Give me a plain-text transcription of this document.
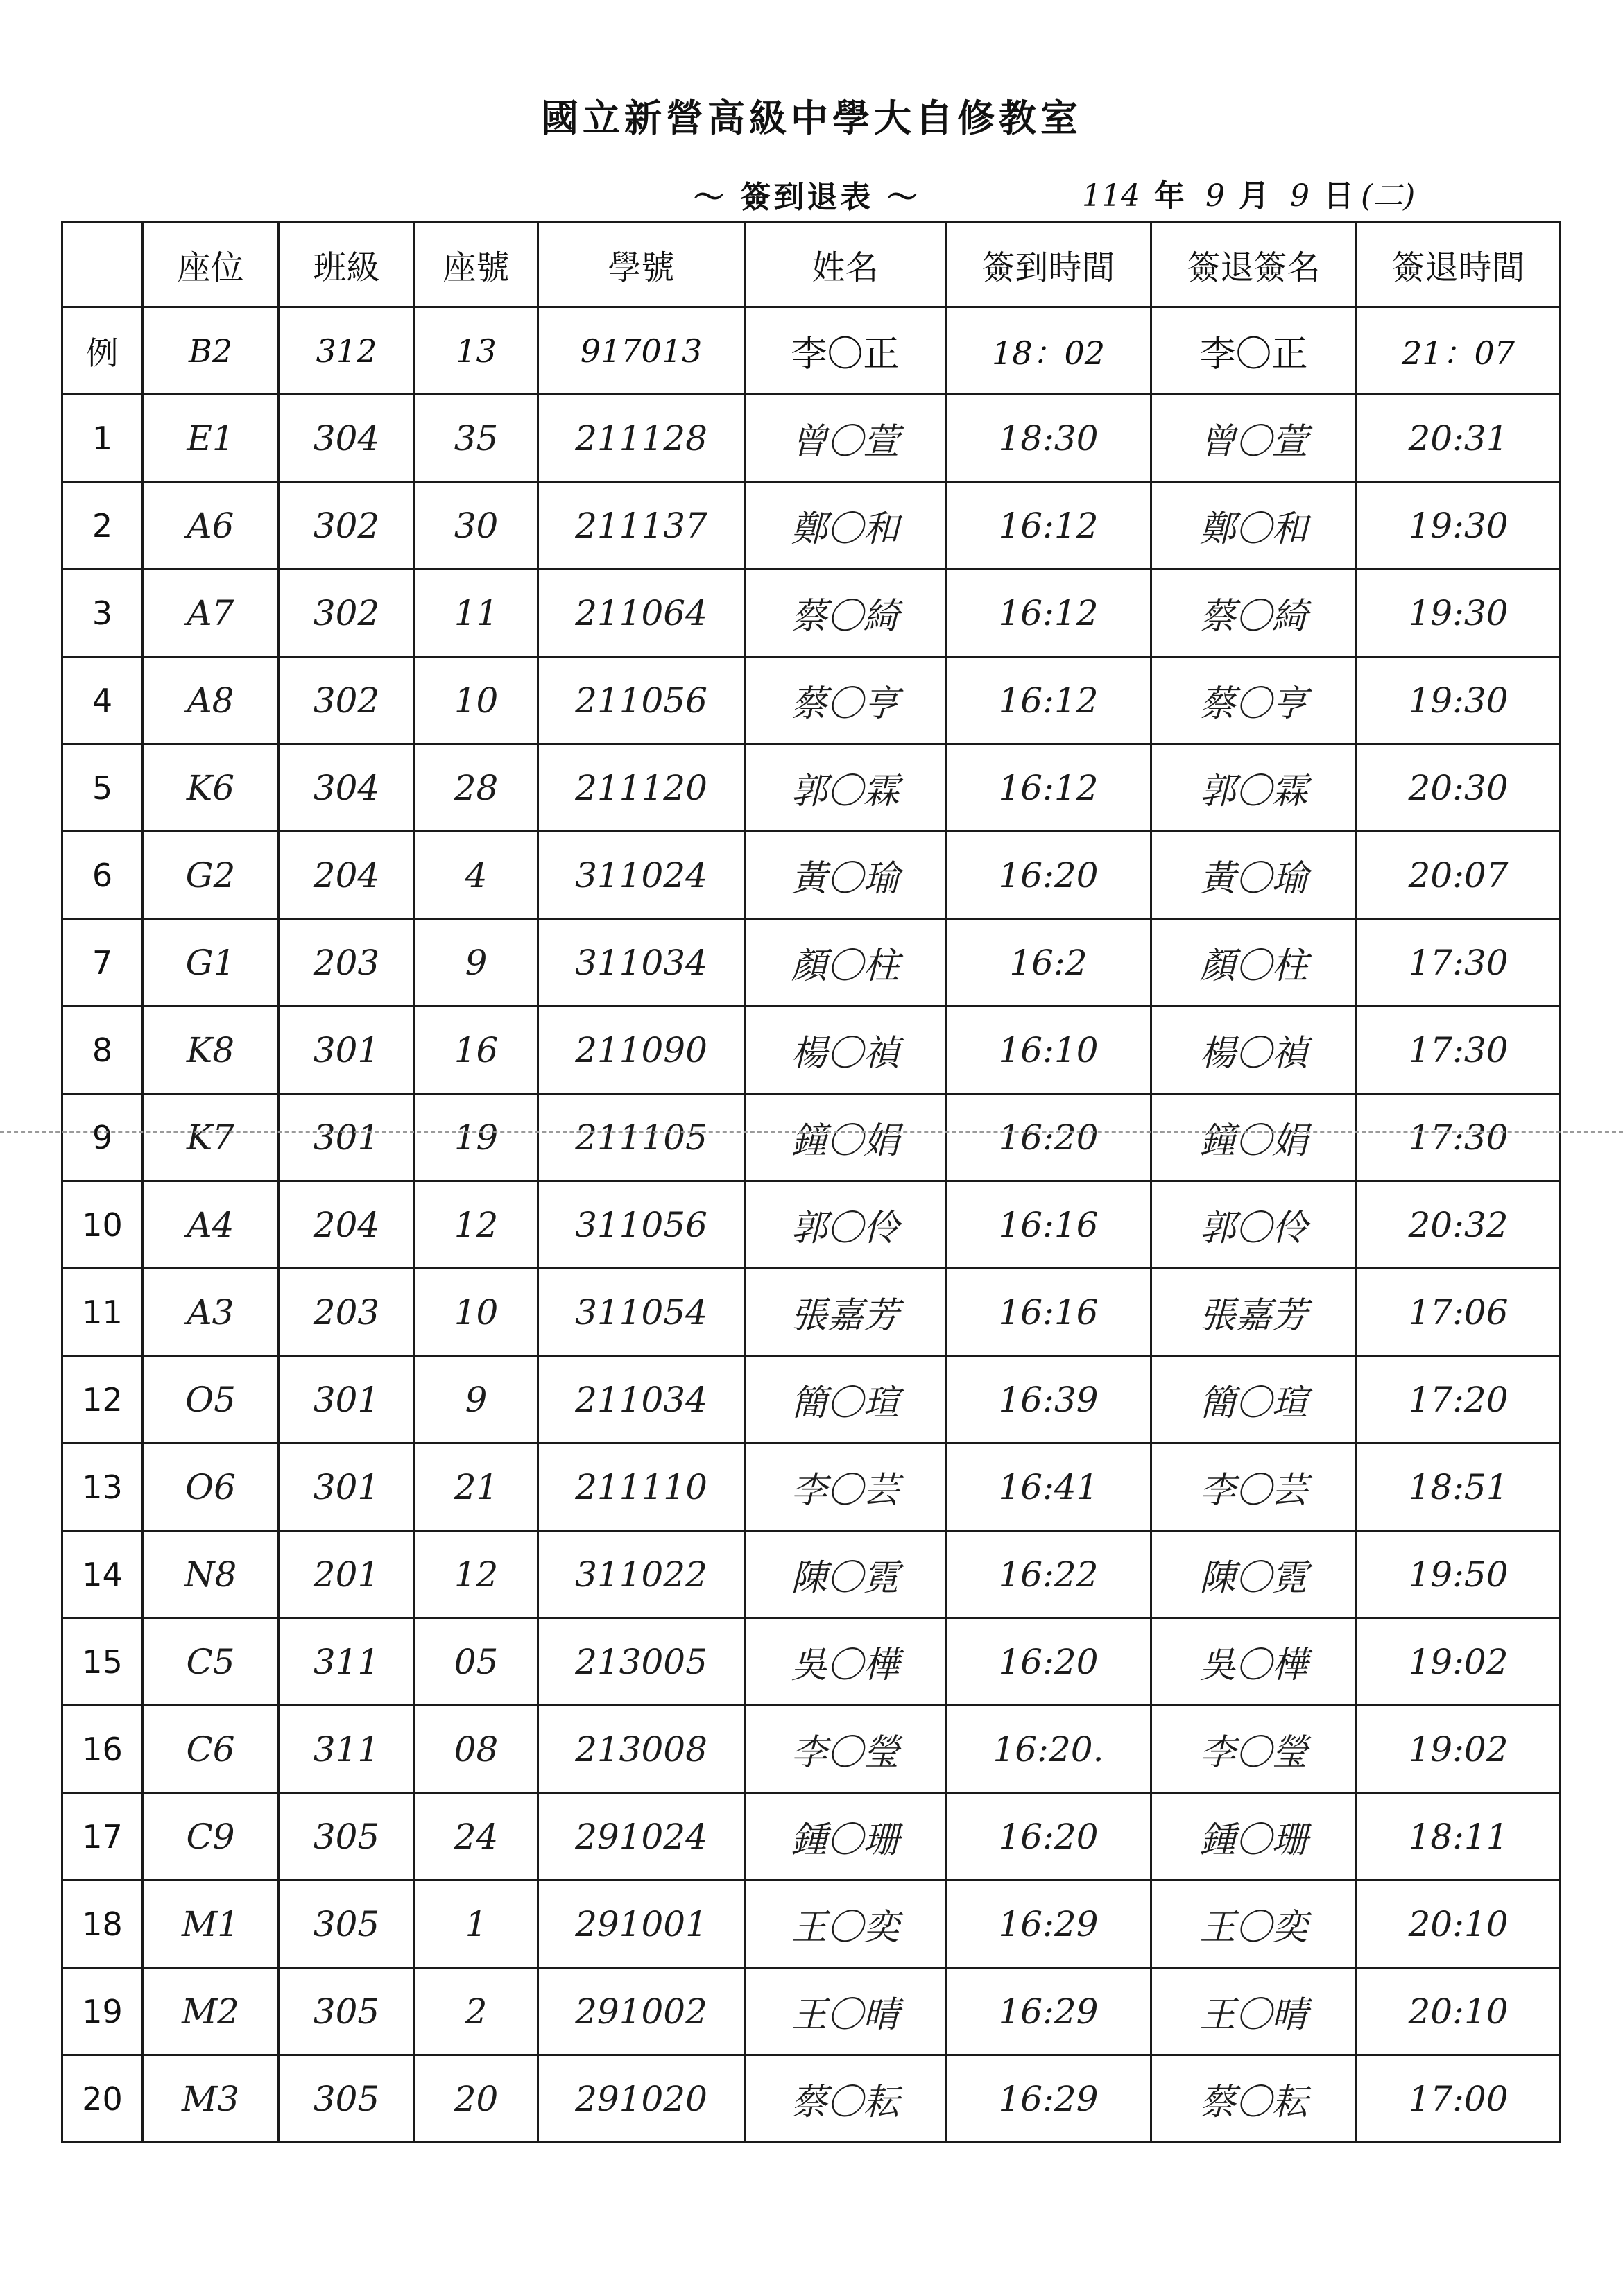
國立新營高級中學大自修教室
～ 簽到退表 ～	114 年 9 月 9 日 (二)
	座位	班級	座號	學號	姓名	簽到時間	簽退簽名	簽退時間
例	B2	312	13	917013	李〇正	18：02	李〇正	21：07
1	E1	304	35	211128	曾〇萱	18:30	曾〇萱	20:31
2	A6	302	30	211137	鄭〇和	16:12	鄭〇和	19:30
3	A7	302	11	211064	蔡〇綺	16:12	蔡〇綺	19:30
4	A8	302	10	211056	蔡〇亨	16:12	蔡〇亨	19:30
5	K6	304	28	211120	郭〇霖	16:12	郭〇霖	20:30
6	G2	204	4	311024	黃〇瑜	16:20	黃〇瑜	20:07
7	G1	203	9	311034	顏〇柱	16:2	顏〇柱	17:30
8	K8	301	16	211090	楊〇禎	16:10	楊〇禎	17:30
9	K7	301	19	211105	鐘〇娟	16:20	鐘〇娟	17:30
10	A4	204	12	311056	郭〇伶	16:16	郭〇伶	20:32
11	A3	203	10	311054	張嘉芳	16:16	張嘉芳	17:06
12	O5	301	9	211034	簡〇瑄	16:39	簡〇瑄	17:20
13	O6	301	21	211110	李〇芸	16:41	李〇芸	18:51
14	N8	201	12	311022	陳〇霓	16:22	陳〇霓	19:50
15	C5	311	05	213005	吳〇樺	16:20	吳〇樺	19:02
16	C6	311	08	213008	李〇瑩	16:20.	李〇瑩	19:02
17	C9	305	24	291024	鍾〇珊	16:20	鍾〇珊	18:11
18	M1	305	1	291001	王〇奕	16:29	王〇奕	20:10
19	M2	305	2	291002	王〇晴	16:29	王〇晴	20:10
20	M3	305	20	291020	蔡〇耘	16:29	蔡〇耘	17:00
